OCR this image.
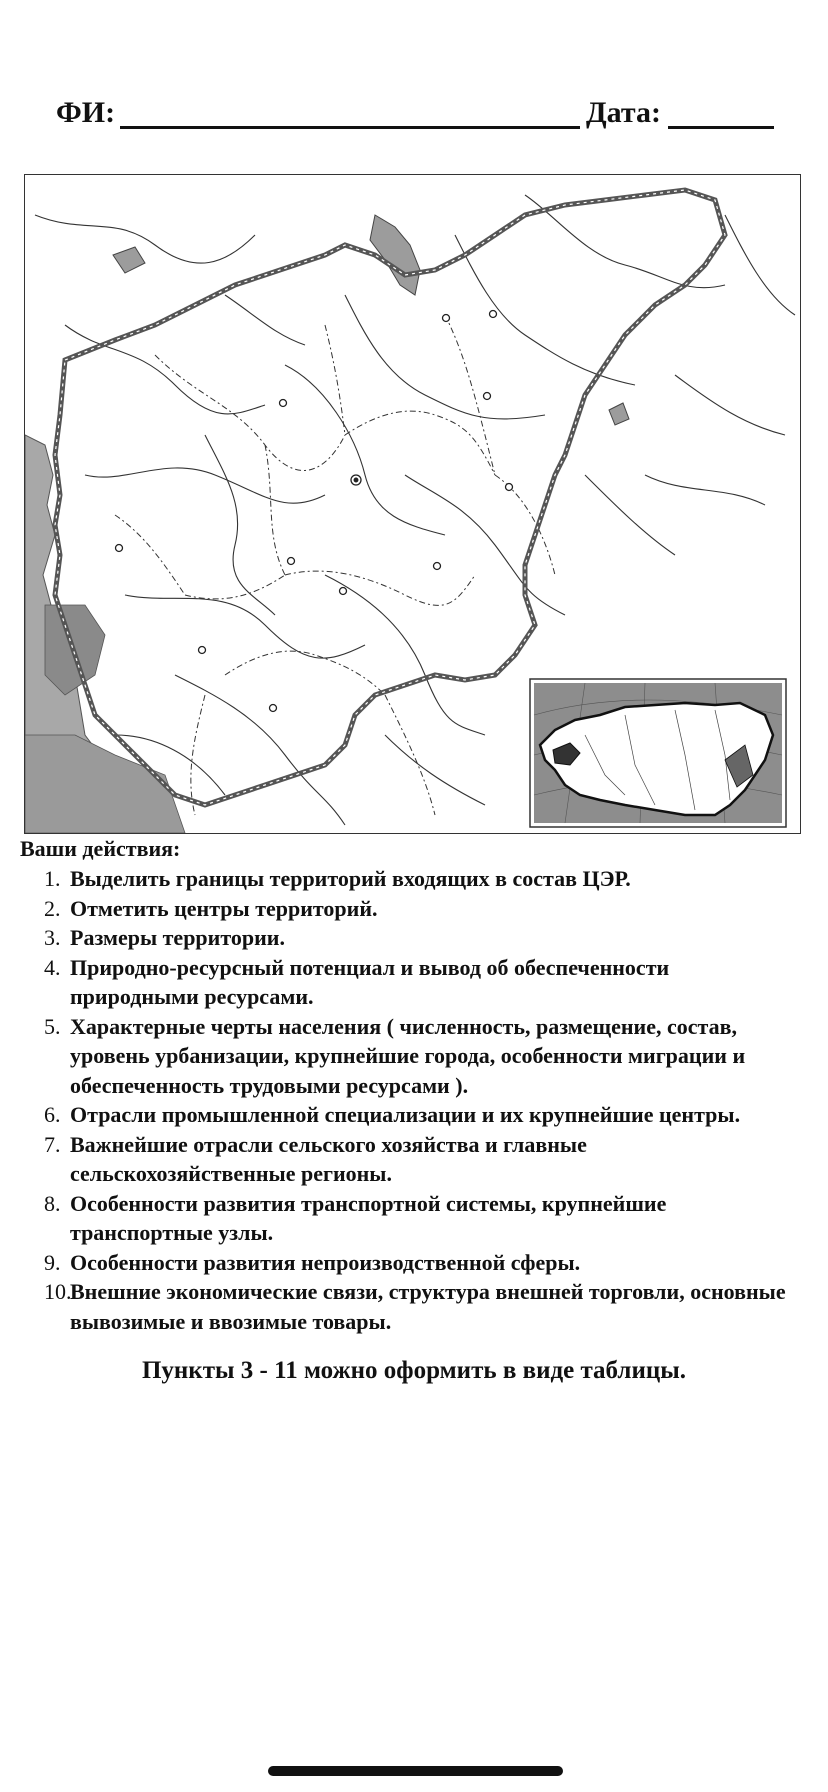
ФИ:	Дата:
Ваши действия:
1. Выделить границы территорий входящих в состав ЦЭР.
2. Отметить центры территорий.
3. Размеры территории.
4. Природно-ресурсный потенциал и вывод об обеспеченности природными ресурсами.
5. Характерные черты населения ( численность, размещение, состав, уровень урбанизации, крупнейшие города, особенности миграции и обеспеченность трудовыми ресурсами ).
6. Отрасли промышленной специализации и их крупнейшие центры.
7. Важнейшие отрасли сельского хозяйства и главные сельскохозяйственные регионы.
8. Особенности развития транспортной системы, крупнейшие транспортные узлы.
9. Особенности развития непроизводственной сферы.
10.
Внешние экономические связи, структура внешней торговли, основные вывозимые и ввозимые товары.
Пункты 3 - 11 можно оформить в виде таблицы.
